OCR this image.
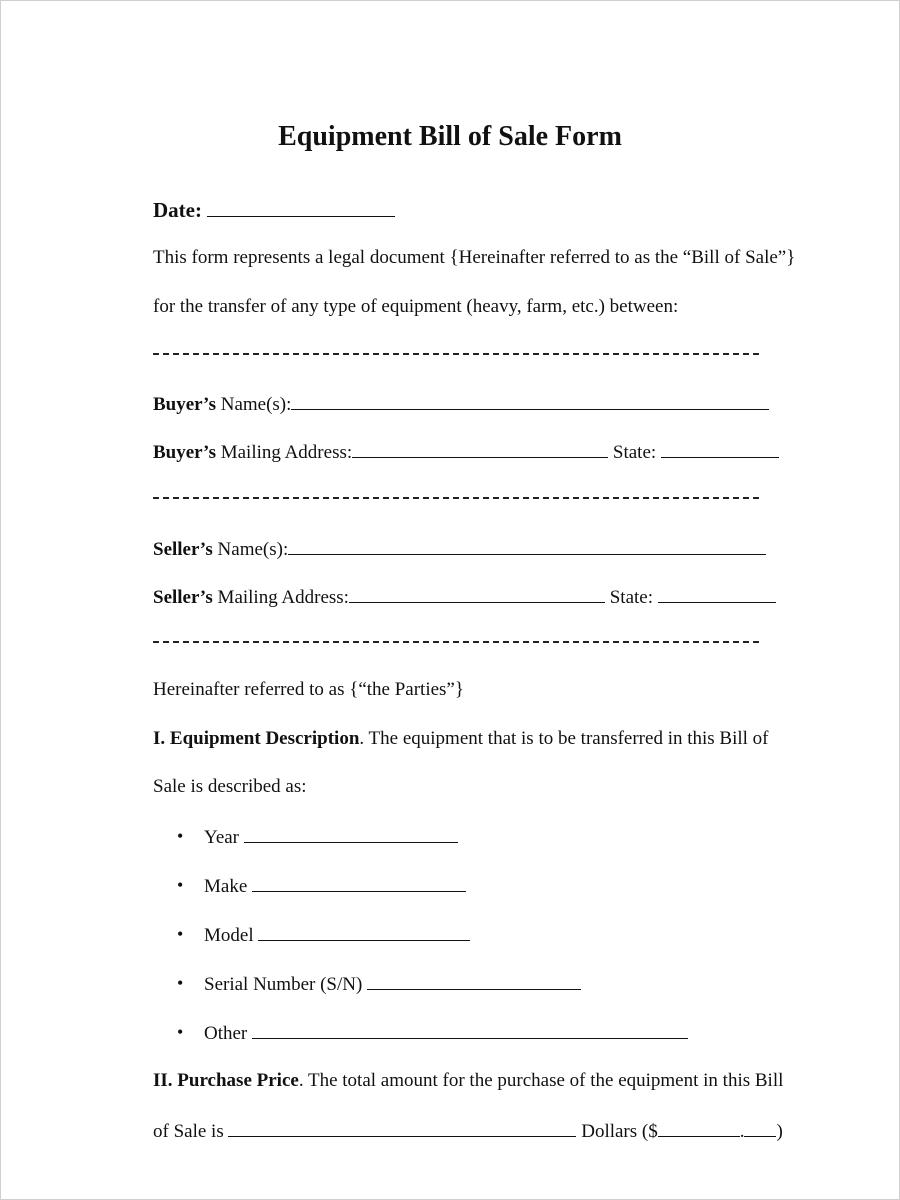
Equipment Bill of Sale Form
Date:
This form represents a legal document {Hereinafter referred to as the “Bill of Sale”}
for the transfer of any type of equipment (heavy, farm, etc.) between:
Buyer’s Name(s):
Buyer’s Mailing Address:	State:
Seller’s Name(s):
Seller’s Mailing Address:	State:
Hereinafter referred to as {“the Parties”}
I. Equipment Description. The equipment that is to be transferred in this Bill of
Sale is described as:
• Year
• Make
• Model
• Serial Number (S/N)
• Other
II. Purchase Price. The total amount for the purchase of the equipment in this Bill
of Sale is	Dollars ($	. )
